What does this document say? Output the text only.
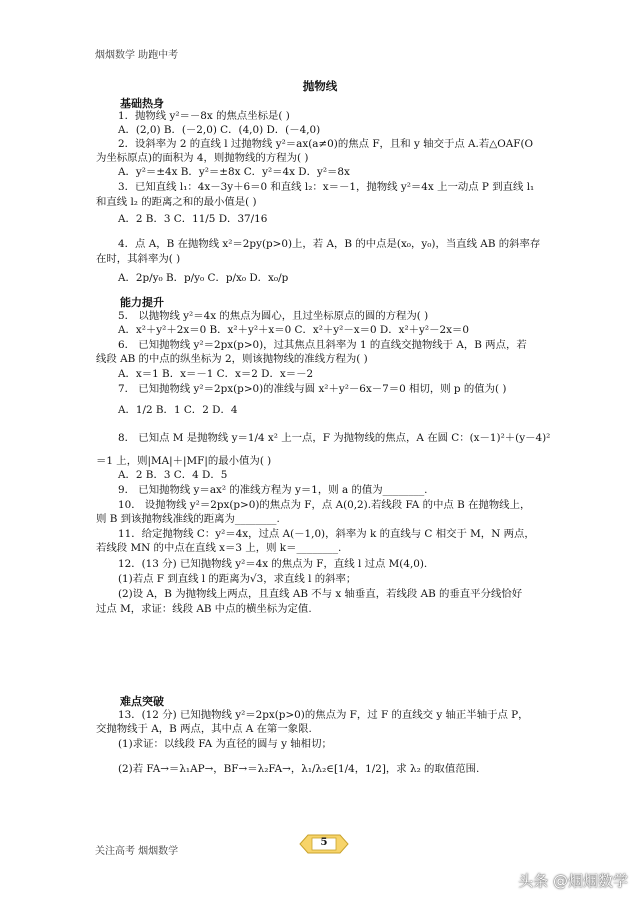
烟烟数学 助跑中考
抛物线
基础热身
1．抛物线 y²＝－8x 的焦点坐标是( )
A．(2,0) B．(－2,0) C．(4,0) D．(－4,0)
2．设斜率为 2 的直线 l 过抛物线 y²＝ax(a≠0)的焦点 F，且和 y 轴交于点 A.若△OAF(O
为坐标原点)的面积为 4，则抛物线的方程为( )
A．y²＝±4x B．y²＝±8x C．y²＝4x D．y²＝8x
3．已知直线 l₁：4x－3y＋6＝0 和直线 l₂：x＝－1，抛物线 y²＝4x 上一动点 P 到直线 l₁
和直线 l₂ 的距离之和的最小值是( )
A．2 B．3 C．11/5 D．37/16
4．点 A，B 在抛物线 x²＝2py(p>0)上，若 A，B 的中点是(x₀，y₀)，当直线 AB 的斜率存
在时，其斜率为( )
A．2p/y₀ B．p/y₀ C．p/x₀ D．x₀/p
能力提升
5． 以抛物线 y²＝4x 的焦点为圆心，且过坐标原点的圆的方程为( )
A．x²＋y²＋2x＝0 B．x²＋y²＋x＝0 C．x²＋y²－x＝0 D．x²＋y²－2x＝0
6． 已知抛物线 y²＝2px(p>0)，过其焦点且斜率为 1 的直线交抛物线于 A，B 两点，若
线段 AB 的中点的纵坐标为 2，则该抛物线的准线方程为( )
A．x＝1 B．x＝－1 C．x＝2 D．x＝－2
7． 已知抛物线 y²＝2px(p>0)的准线与圆 x²＋y²－6x－7＝0 相切，则 p 的值为( )
A．1/2 B．1 C．2 D．4
8． 已知点 M 是抛物线 y＝1/4 x² 上一点，F 为抛物线的焦点，A 在圆 C：(x－1)²＋(y－4)²
＝1 上，则|MA|＋|MF|的最小值为( )
A．2 B．3 C．4 D．5
9． 已知抛物线 y＝ax² 的准线方程为 y＝1，则 a 的值为________.
10． 设抛物线 y²＝2px(p>0)的焦点为 F，点 A(0,2).若线段 FA 的中点 B 在抛物线上，
则 B 到该抛物线准线的距离为________.
11．给定抛物线 C：y²＝4x，过点 A(－1,0)，斜率为 k 的直线与 C 相交于 M，N 两点，
若线段 MN 的中点在直线 x＝3 上，则 k＝________.
12．(13 分) 已知抛物线 y²＝4x 的焦点为 F，直线 l 过点 M(4,0).
(1)若点 F 到直线 l 的距离为√3，求直线 l 的斜率；
(2)设 A，B 为抛物线上两点，且直线 AB 不与 x 轴垂直，若线段 AB 的垂直平分线恰好
过点 M，求证：线段 AB 中点的横坐标为定值.
难点突破
13．(12 分) 已知抛物线 y²＝2px(p>0)的焦点为 F，过 F 的直线交 y 轴正半轴于点 P，
交抛物线于 A，B 两点，其中点 A 在第一象限.
(1)求证：以线段 FA 为直径的圆与 y 轴相切；
(2)若 FA→＝λ₁AP→，BF→＝λ₂FA→，λ₁/λ₂∈[1/4，1/2]，求 λ₂ 的取值范围.
关注高考 烟烟数学
5
头条 @烟烟数学
